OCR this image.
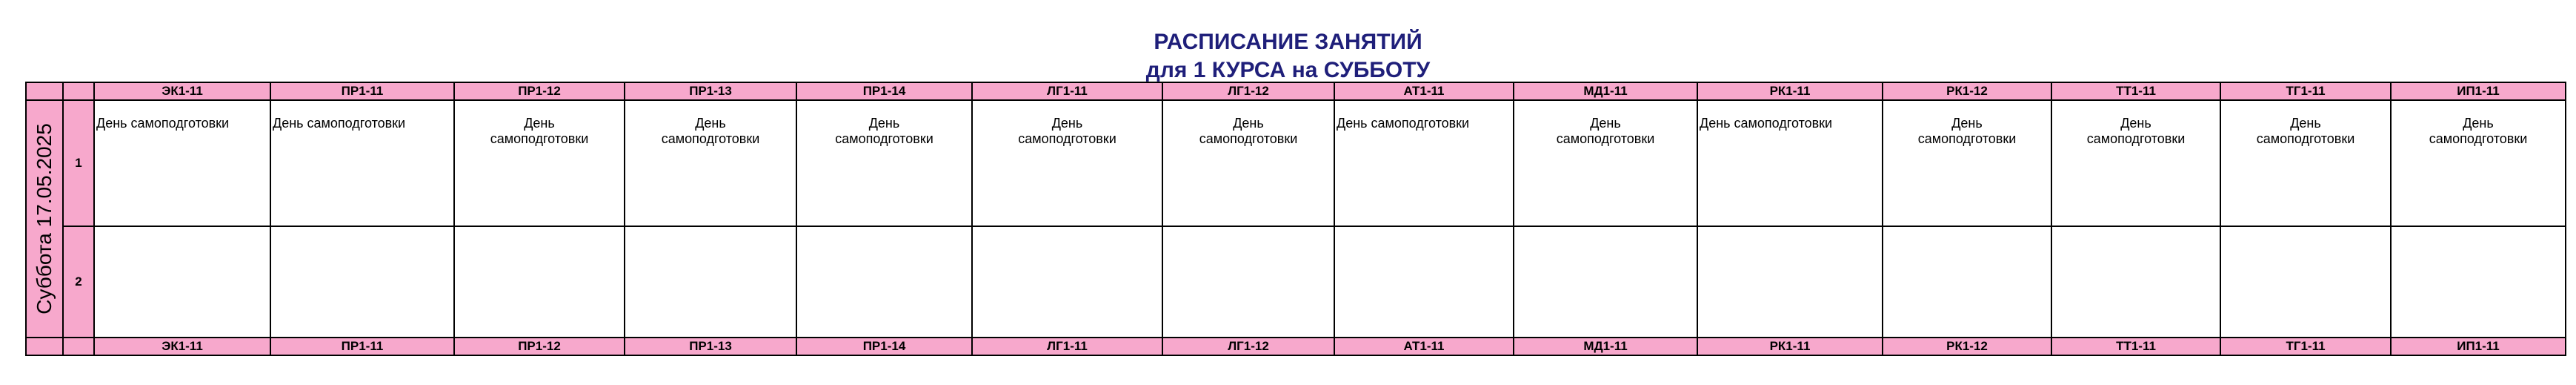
РАСПИСАНИЕ ЗАНЯТИЙ
для 1 КУРСА на СУББОТУ
		ЭК1-11	ПР1-11	ПР1-12	ПР1-13	ПР1-14	ЛГ1-11	ЛГ1-12	АТ1-11	МД1-11	РК1-11	РК1-12	ТТ1-11	ТГ1-11	ИП1-11

Суббота 17.05.2025	1	День самоподготовки	День самоподготовки	День
самоподготовки	День
самоподготовки	День
самоподготовки	День
самоподготовки	День
самоподготовки	День самоподготовки	День
самоподготовки	День самоподготовки	День
самоподготовки	День
самоподготовки	День
самоподготовки	День
самоподготовки

	2														
		ЭК1-11	ПР1-11	ПР1-12	ПР1-13	ПР1-14	ЛГ1-11	ЛГ1-12	АТ1-11	МД1-11	РК1-11	РК1-12	ТТ1-11	ТГ1-11	ИП1-11
